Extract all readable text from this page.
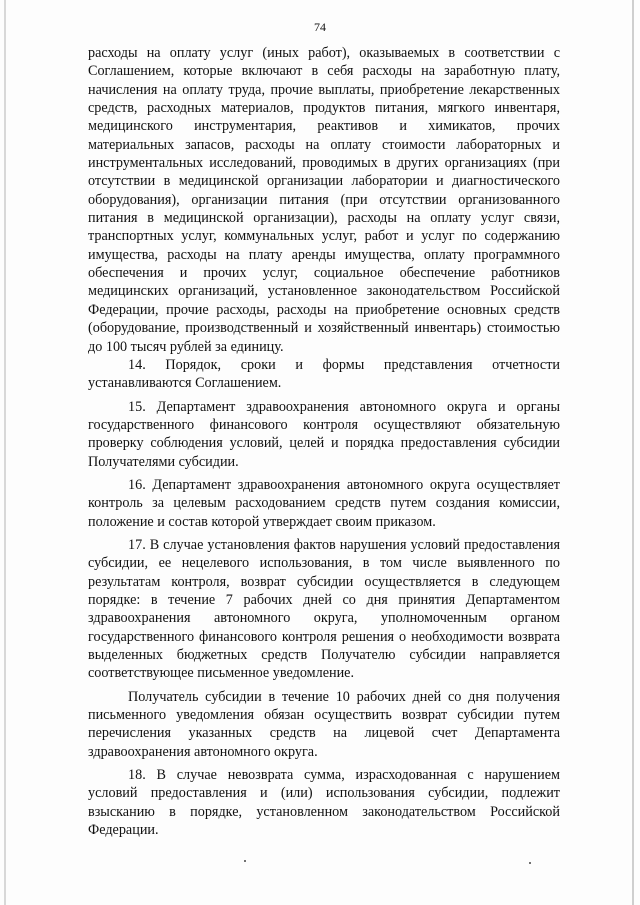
74

расходы на оплату услуг (иных работ), оказываемых в соответствии с Соглашением, которые включают в себя расходы на заработную плату, начисления на оплату труда, прочие выплаты, приобретение лекарственных средств, расходных материалов, продуктов питания, мягкого инвентаря, медицинского инструментария, реактивов и химикатов, прочих материальных запасов, расходы на оплату стоимости лабораторных и инструментальных исследований, проводимых в других организациях (при отсутствии в медицинской организации лаборатории и диагностического оборудования), организации питания (при отсутствии организованного питания в медицинской организации), расходы на оплату услуг связи, транспортных услуг, коммунальных услуг, работ и услуг по содержанию имущества, расходы на плату аренды имущества, оплату программного обеспечения и прочих услуг, социальное обеспечение работников медицинских организаций, установленное законодательством Российской Федерации, прочие расходы, расходы на приобретение основных средств (оборудование, производственный и хозяйственный инвентарь) стоимостью до 100 тысяч рублей за единицу.

14. Порядок, сроки и формы представления отчетности устанавливаются Соглашением.

15. Департамент здравоохранения автономного округа и органы государственного финансового контроля осуществляют обязательную проверку соблюдения условий, целей и порядка предоставления субсидии Получателями субсидии.

16. Департамент здравоохранения автономного округа осуществляет контроль за целевым расходованием средств путем создания комиссии, положение и состав которой утверждает своим приказом.

17. В случае установления фактов нарушения условий предоставления субсидии, ее нецелевого использования, в том числе выявленного по результатам контроля, возврат субсидии осуществляется в следующем порядке: в течение 7 рабочих дней со дня принятия Департаментом здравоохранения автономного округа, уполномоченным органом государственного финансового контроля решения о необходимости возврата выделенных бюджетных средств Получателю субсидии направляется соответствующее письменное уведомление.

Получатель субсидии в течение 10 рабочих дней со дня получения письменного уведомления обязан осуществить возврат субсидии путем перечисления указанных средств на лицевой счет Департамента здравоохранения автономного округа.

18. В случае невозврата сумма, израсходованная с нарушением условий предоставления и (или) использования субсидии, подлежит взысканию в порядке, установленном законодательством Российской Федерации.
